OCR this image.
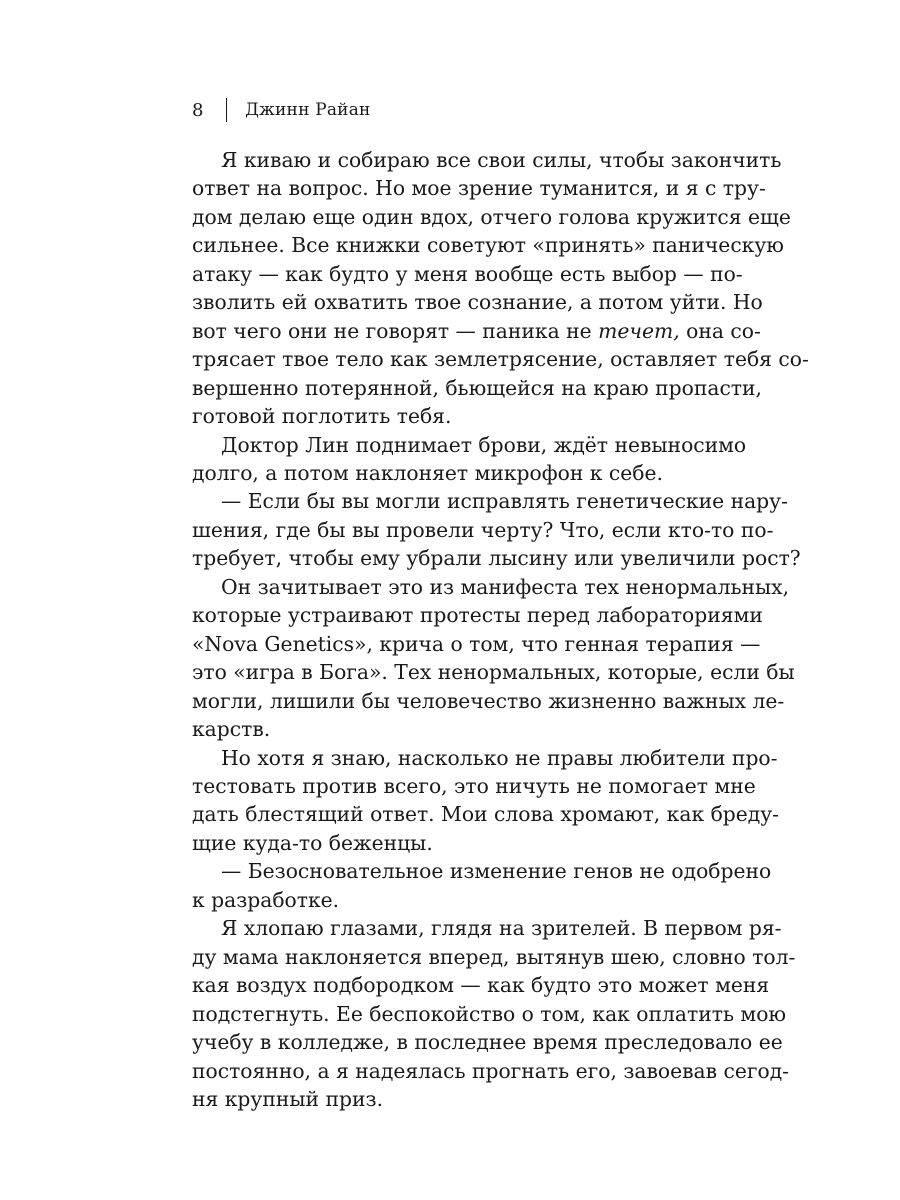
8 Джинн Райан

Я киваю и собираю все свои силы, чтобы закончить

ответ на вопрос. Но мое зрение туманится, и я с тру-

дом делаю еще один вдох, отчего голова кружится еще

сильнее. Все книжки советуют «принять» паническую

атаку — как будто у меня вообще есть выбор — по-

зволить ей охватить твое сознание, а потом уйти. Но

вот чего они не говорят — паника не течет, она со-

трясает твое тело как землетрясение, оставляет тебя со-

вершенно потерянной, бьющейся на краю пропасти,

готовой поглотить тебя.

Доктор Лин поднимает брови, ждёт невыносимо

долго, а потом наклоняет микрофон к себе.

— Если бы вы могли исправлять генетические нару-

шения, где бы вы провели черту? Что, если кто-то по-

требует, чтобы ему убрали лысину или увеличили рост?

Он зачитывает это из манифеста тех ненормальных,

которые устраивают протесты перед лабораториями

«Nova Genetics», крича о том, что генная терапия —

это «игра в Бога». Тех ненормальных, которые, если бы

могли, лишили бы человечество жизненно важных ле-

карств.

Но хотя я знаю, насколько не правы любители про-

тестовать против всего, это ничуть не помогает мне

дать блестящий ответ. Мои слова хромают, как бреду-

щие куда-то беженцы.

— Безосновательное изменение генов не одобрено

к разработке.

Я хлопаю глазами, глядя на зрителей. В первом ря-

ду мама наклоняется вперед, вытянув шею, словно тол-

кая воздух подбородком — как будто это может меня

подстегнуть. Ее беспокойство о том, как оплатить мою

учебу в колледже, в последнее время преследовало ее

постоянно, а я надеялась прогнать его, завоевав сегод-

ня крупный приз.
